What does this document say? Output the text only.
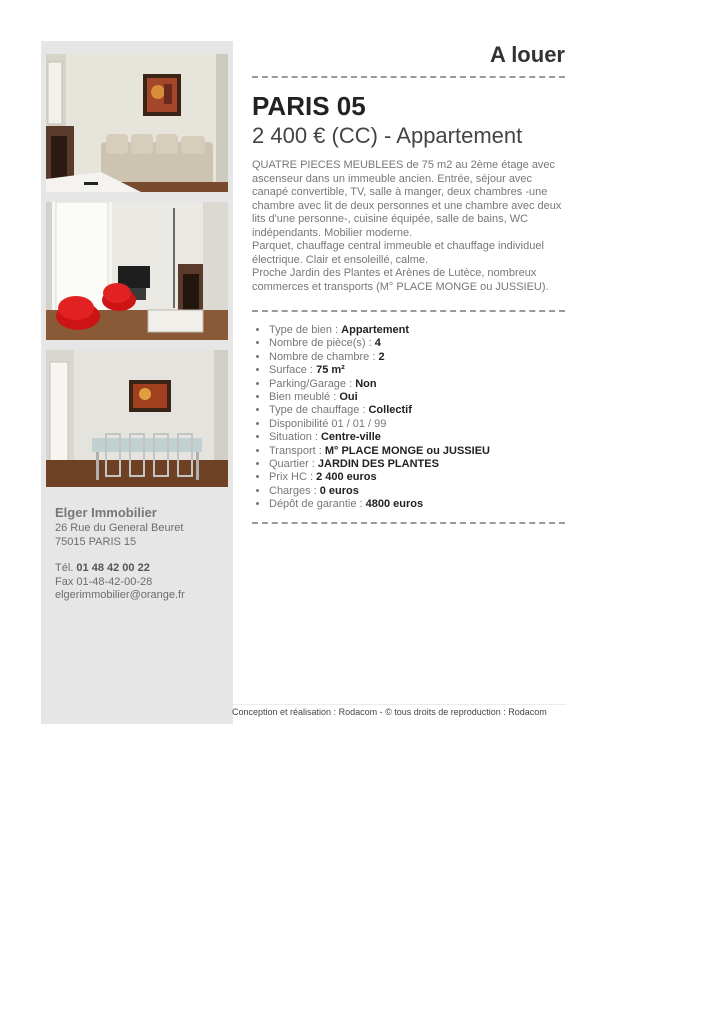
Elger Immobilier
26 Rue du General Beuret
75015 PARIS 15
Tél. 01 48 42 00 22
Fax 01-48-42-00-28
elgerimmobilier@orange.fr
A louer
PARIS 05
2 400 € (CC) - Appartement

QUATRE PIECES MEUBLEES de 75 m2 au 2ème étage avec ascenseur dans un immeuble ancien. Entrée, séjour avec canapé convertible, TV, salle à manger, deux chambres -une chambre avec lit de deux personnes et une chambre avec deux lits d'une personne-, cuisine équipée, salle de bains, WC indépendants. Mobilier moderne.

Parquet, chauffage central immeuble et chauffage individuel électrique. Clair et ensoleillé, calme.

Proche Jardin des Plantes et Arènes de Lutèce, nombreux commerces et transports (M° PLACE MONGE ou JUSSIEU).

• Type de bien : Appartement
• Nombre de pièce(s) : 4
• Nombre de chambre : 2
• Surface : 75 m²
• Parking/Garage : Non
• Bien meublé : Oui
• Type de chauffage : Collectif
• Disponibilité 01 / 01 / 99
• Situation : Centre-ville
• Transport : M° PLACE MONGE ou JUSSIEU
• Quartier : JARDIN DES PLANTES
• Prix HC : 2 400 euros
• Charges : 0 euros
• Dépôt de garantie : 4800 euros
Conception et réalisation : Rodacom - © tous droits de reproduction : Rodacom
